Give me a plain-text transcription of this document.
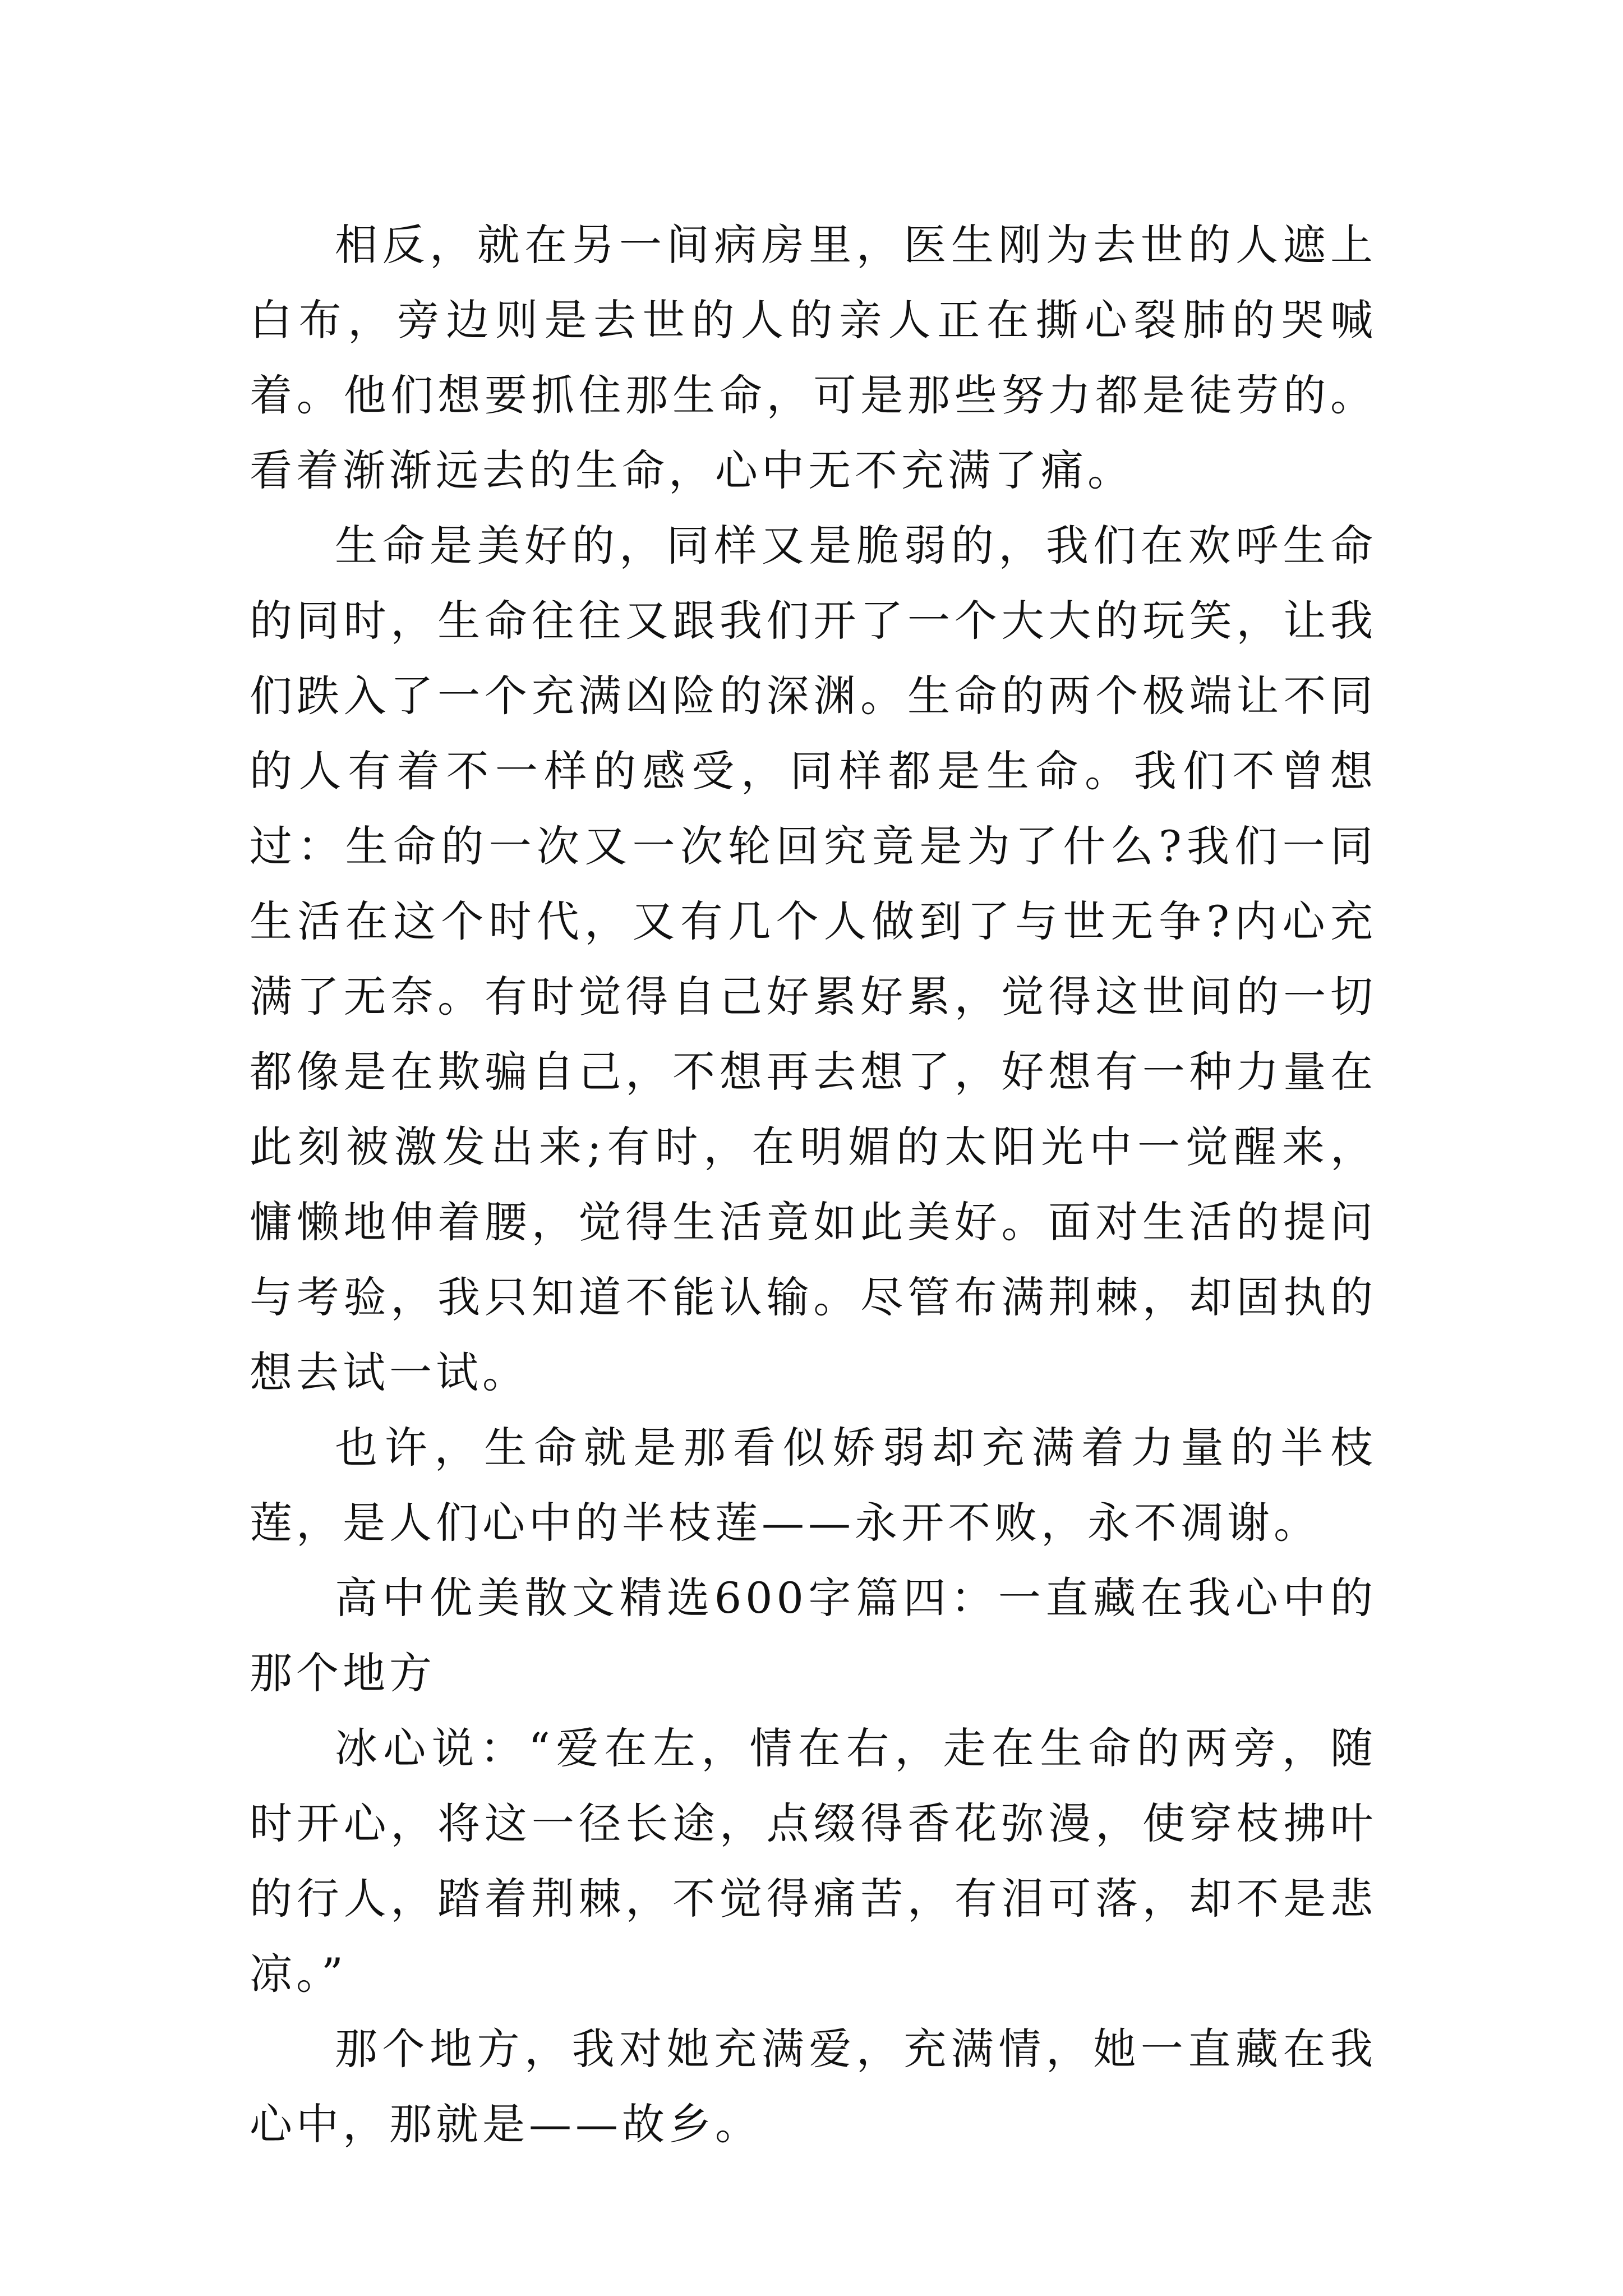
相反，就在另一间病房里，医生刚为去世的人遮上白布，旁边则是去世的人的亲人正在撕心裂肺的哭喊着。他们想要抓住那生命，可是那些努力都是徒劳的。看着渐渐远去的生命，心中无不充满了痛。

生命是美好的，同样又是脆弱的，我们在欢呼生命的同时，生命往往又跟我们开了一个大大的玩笑，让我们跌入了一个充满凶险的深渊。生命的两个极端让不同的人有着不一样的感受，同样都是生命。我们不曾想过：生命的一次又一次轮回究竟是为了什么?我们一同生活在这个时代，又有几个人做到了与世无争?内心充满了无奈。有时觉得自己好累好累，觉得这世间的一切都像是在欺骗自己，不想再去想了，好想有一种力量在此刻被激发出来;有时，在明媚的太阳光中一觉醒来，慵懒地伸着腰，觉得生活竟如此美好。面对生活的提问与考验，我只知道不能认输。尽管布满荆棘，却固执的想去试一试。

也许，生命就是那看似娇弱却充满着力量的半枝莲，是人们心中的半枝莲——永开不败，永不凋谢。

高中优美散文精选600字篇四：一直藏在我心中的那个地方

冰心说：“爱在左，情在右，走在生命的两旁，随时开心，将这一径长途，点缀得香花弥漫，使穿枝拂叶的行人，踏着荆棘，不觉得痛苦，有泪可落，却不是悲凉。”

那个地方，我对她充满爱，充满情，她一直藏在我心中，那就是——故乡。
